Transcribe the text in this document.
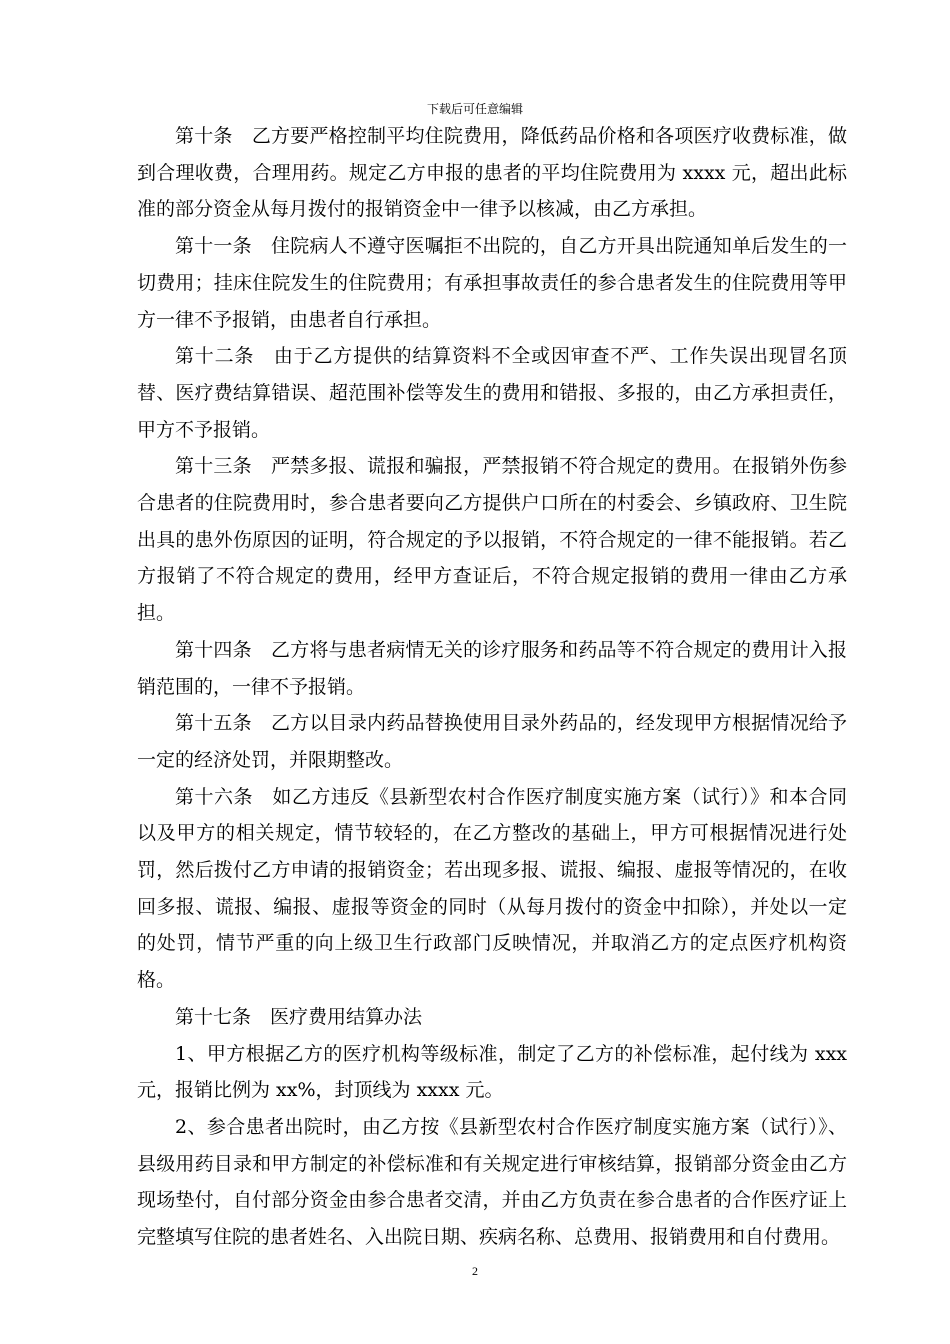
下载后可任意编辑

第十条　乙方要严格控制平均住院费用，降低药品价格和各项医疗收费标准，做到合理收费，合理用药。规定乙方申报的患者的平均住院费用为 xxxx 元，超出此标准的部分资金从每月拨付的报销资金中一律予以核减，由乙方承担。

第十一条　住院病人不遵守医嘱拒不出院的，自乙方开具出院通知单后发生的一切费用；挂床住院发生的住院费用；有承担事故责任的参合患者发生的住院费用等甲方一律不予报销，由患者自行承担。

第十二条　由于乙方提供的结算资料不全或因审查不严、工作失误出现冒名顶替、医疗费结算错误、超范围补偿等发生的费用和错报、多报的，由乙方承担责任，甲方不予报销。

第十三条　严禁多报、谎报和骗报，严禁报销不符合规定的费用。在报销外伤参合患者的住院费用时，参合患者要向乙方提供户口所在的村委会、乡镇政府、卫生院出具的患外伤原因的证明，符合规定的予以报销，不符合规定的一律不能报销。若乙方报销了不符合规定的费用，经甲方查证后，不符合规定报销的费用一律由乙方承担。

第十四条　乙方将与患者病情无关的诊疗服务和药品等不符合规定的费用计入报销范围的，一律不予报销。

第十五条　乙方以目录内药品替换使用目录外药品的，经发现甲方根据情况给予一定的经济处罚，并限期整改。

第十六条　如乙方违反《县新型农村合作医疗制度实施方案（试行）》和本合同以及甲方的相关规定，情节较轻的，在乙方整改的基础上，甲方可根据情况进行处罚，然后拨付乙方申请的报销资金；若出现多报、谎报、编报、虚报等情况的，在收回多报、谎报、编报、虚报等资金的同时（从每月拨付的资金中扣除），并处以一定的处罚，情节严重的向上级卫生行政部门反映情况，并取消乙方的定点医疗机构资格。

第十七条　医疗费用结算办法

1、甲方根据乙方的医疗机构等级标准，制定了乙方的补偿标准，起付线为 xxx 元，报销比例为 xx%，封顶线为 xxxx 元。

2、参合患者出院时，由乙方按《县新型农村合作医疗制度实施方案（试行）》、县级用药目录和甲方制定的补偿标准和有关规定进行审核结算，报销部分资金由乙方现场垫付，自付部分资金由参合患者交清，并由乙方负责在参合患者的合作医疗证上完整填写住院的患者姓名、入出院日期、疾病名称、总费用、报销费用和自付费用。

2
